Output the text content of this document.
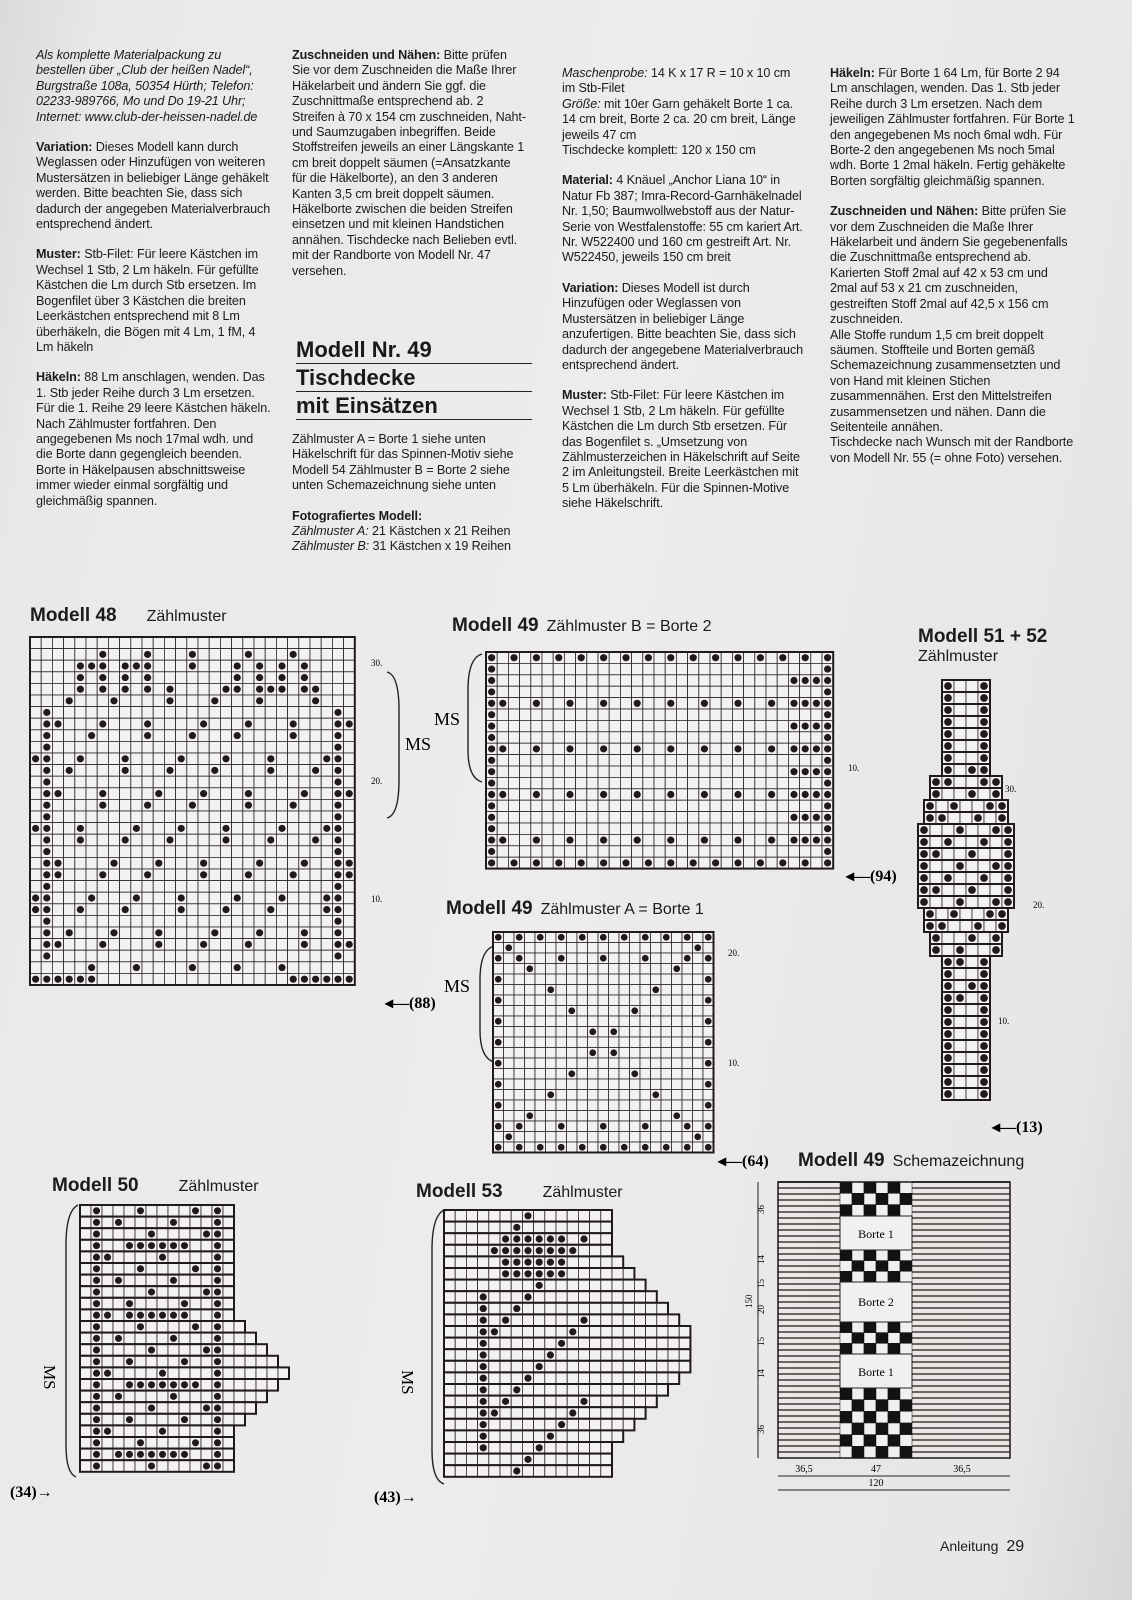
Als komplette Materialpackung zu bestellen über „Club der heißen Nadel“, Burgstraße 108a, 50354 Hürth; Telefon: 02233-989766, Mo und Do 19-21 Uhr; Internet: www.club-der-heissen-nadel.de

Variation: Dieses Modell kann durch Weglassen oder Hinzufügen von weiteren Mustersätzen in beliebiger Länge gehäkelt werden. Bitte beachten Sie, dass sich dadurch der angegeben Materialverbrauch entsprechend ändert.

Muster: Stb-Filet: Für leere Kästchen im Wechsel 1 Stb, 2 Lm häkeln. Für gefüllte Kästchen die Lm durch Stb ersetzen. Im Bogenfilet über 3 Kästchen die breiten Leerkästchen entsprechend mit 8 Lm überhäkeln, die Bögen mit 4 Lm, 1 fM, 4 Lm häkeln

Häkeln: 88 Lm anschlagen, wenden. Das 1. Stb jeder Reihe durch 3 Lm ersetzen. Für die 1. Reihe 29 leere Kästchen häkeln. Nach Zählmuster fortfahren. Den angegebenen Ms noch 17mal wdh. und die Borte dann gegengleich beenden. Borte in Häkelpausen abschnittsweise immer wieder einmal sorgfältig und gleichmäßig spannen.

Zuschneiden und Nähen: Bitte prüfen Sie vor dem Zuschneiden die Maße Ihrer Häkelarbeit und ändern Sie ggf. die Zuschnittmaße entsprechend ab. 2 Streifen à 70 x 154 cm zuschneiden, Naht- und Saumzugaben inbegriffen. Beide Stoffstreifen jeweils an einer Längskante 1 cm breit doppelt säumen (=Ansatzkante für die Häkelborte), an den 3 anderen Kanten 3,5 cm breit doppelt säumen. Häkelborte zwischen die beiden Streifen einsetzen und mit kleinen Handstichen annähen. Tischdecke nach Belieben evtl. mit der Randborte von Modell Nr. 47 versehen.

Modell Nr. 49
Tischdecke
mit Einsätzen

Zählmuster A = Borte 1 siehe unten Häkelschrift für das Spinnen-Motiv siehe Modell 54 Zählmuster B = Borte 2 siehe unten Schemazeichnung siehe unten

Fotografiertes Modell:
Zählmuster A: 21 Kästchen x 21 Reihen
Zählmuster B: 31 Kästchen x 19 Reihen
Maschenprobe: 14 K x 17 R = 10 x 10 cm im Stb-Filet
Größe: mit 10er Garn gehäkelt Borte 1 ca. 14 cm breit, Borte 2 ca. 20 cm breit, Länge jeweils 47 cm

Tischdecke komplett: 120 x 150 cm

Material: 4 Knäuel „Anchor Liana 10“ in Natur Fb 387; Imra-Record-Garnhäkelnadel Nr. 1,50; Baumwollwebstoff aus der Natur-Serie von Westfalenstoffe: 55 cm kariert Art. Nr. W522400 und 160 cm gestreift Art. Nr. W522450, jeweils 150 cm breit

Variation: Dieses Modell ist durch Hinzufügen oder Weglassen von Mustersätzen in beliebiger Länge anzufertigen. Bitte beachten Sie, dass sich dadurch der angegebene Materialverbrauch entsprechend ändert.

Muster: Stb-Filet: Für leere Kästchen im Wechsel 1 Stb, 2 Lm häkeln. Für gefüllte Kästchen die Lm durch Stb ersetzen. Für das Bogenfilet s. „Umsetzung von Zählmusterzeichen in Häkelschrift auf Seite 2 im Anleitungsteil. Breite Leerkästchen mit 5 Lm überhäkeln. Für die Spinnen-Motive siehe Häkelschrift.

Häkeln: Für Borte 1 64 Lm, für Borte 2 94 Lm anschlagen, wenden. Das 1. Stb jeder Reihe durch 3 Lm ersetzen. Nach dem jeweiligen Zählmuster fortfahren. Für Borte 1 den angegebenen Ms noch 6mal wdh. Für Borte-2 den angegebenen Ms noch 5mal wdh. Borte 1 2mal häkeln. Fertig gehäkelte Borten sorgfältig gleichmäßig spannen.

Zuschneiden und Nähen: Bitte prüfen Sie vor dem Zuschneiden die Maße Ihrer Häkelarbeit und ändern Sie gegebenenfalls die Zuschnittmaße entsprechend ab. Karierten Stoff 2mal auf 42 x 53 cm und 2mal auf 53 x 21 cm zuschneiden, gestreiften Stoff 2mal auf 42,5 x 156 cm zuschneiden.
Alle Stoffe rundum 1,5 cm breit doppelt säumen. Stoffteile und Borten gemäß Schemazeichnung zusammensetzten und von Hand mit kleinen Stichen zusammennähen. Erst den Mittelstreifen zusammensetzen und nähen. Dann die Seitenteile annähen.
Tischdecke nach Wunsch mit der Randborte von Modell Nr. 55 (= ohne Foto) versehen.
Modell 48 Zählmuster	Modell 49 Zählmuster B = Borte 2	Modell 51 + 52
Zählmuster
Modell 49 Zählmuster A = Borte 1
Modell 50	Zählmuster	Modell 53	Zählmuster
Modell 49 Schemazeichnung
30.
20.
10.
MS
◂—(88)
MS
10.
◂—(94)
MS
20.
10.
◂—(64)
30.
20.
10.
◂—(13)
MS
(34)→
MS
(43)→
Borte 1
Borte 2
Borte 1
36
14
15
20
15
14
36
150
36,5	47	36,5
120
Anleitung 29
